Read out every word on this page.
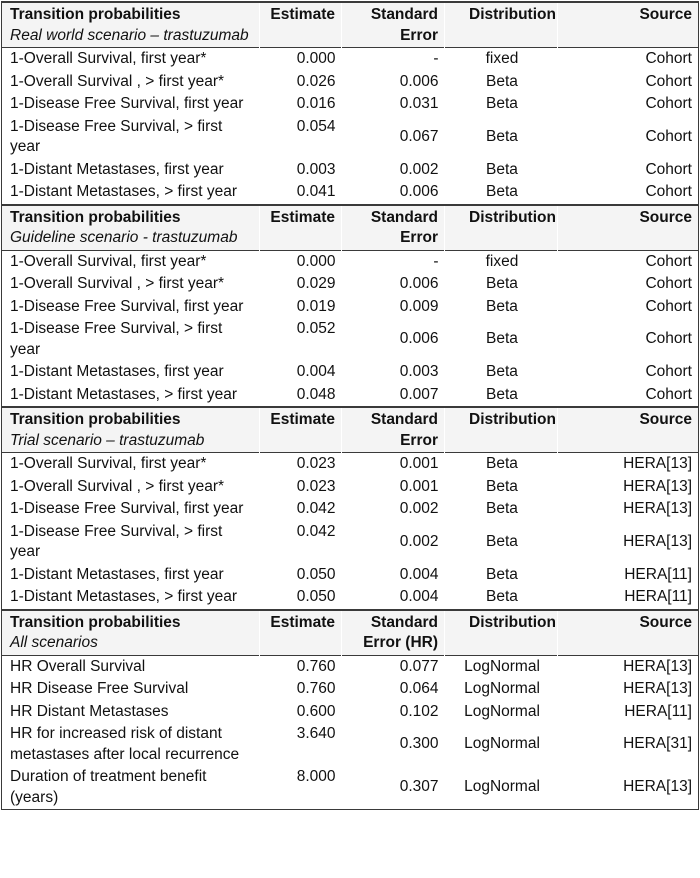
Transition probabilities
Real world scenario – trastuzumab	Estimate	Standard Error	Distribution	Source
1-Overall Survival, first year*	0.000	-	fixed	Cohort
1-Overall Survival , > first year*	0.026	0.006	Beta	Cohort
1-Disease Free Survival, first year	0.016	0.031	Beta	Cohort
1-Disease Free Survival, > first year	0.054	0.067	Beta	Cohort
1-Distant Metastases, first year	0.003	0.002	Beta	Cohort
1-Distant Metastases, > first year	0.041	0.006	Beta	Cohort
Transition probabilities
Guideline scenario - trastuzumab	Estimate	Standard Error	Distribution	Source
1-Overall Survival, first year*	0.000	-	fixed	Cohort
1-Overall Survival , > first year*	0.029	0.006	Beta	Cohort
1-Disease Free Survival, first year	0.019	0.009	Beta	Cohort
1-Disease Free Survival, > first year	0.052	0.006	Beta	Cohort
1-Distant Metastases, first year	0.004	0.003	Beta	Cohort
1-Distant Metastases, > first year	0.048	0.007	Beta	Cohort
Transition probabilities
Trial scenario – trastuzumab	Estimate	Standard Error	Distribution	Source
1-Overall Survival, first year*	0.023	0.001	Beta	HERA[13]
1-Overall Survival , > first year*	0.023	0.001	Beta	HERA[13]
1-Disease Free Survival, first year	0.042	0.002	Beta	HERA[13]
1-Disease Free Survival, > first year	0.042	0.002	Beta	HERA[13]
1-Distant Metastases, first year	0.050	0.004	Beta	HERA[11]
1-Distant Metastases, > first year	0.050	0.004	Beta	HERA[11]
Transition probabilities
All scenarios	Estimate	Standard Error (HR)	Distribution	Source
HR Overall Survival	0.760	0.077	LogNormal	HERA[13]
HR Disease Free Survival	0.760	0.064	LogNormal	HERA[13]
HR Distant Metastases	0.600	0.102	LogNormal	HERA[11]
HR for increased risk of distant metastases after local recurrence	3.640	0.300	LogNormal	HERA[31]
Duration of treatment benefit (years)	8.000	0.307	LogNormal	HERA[13]
